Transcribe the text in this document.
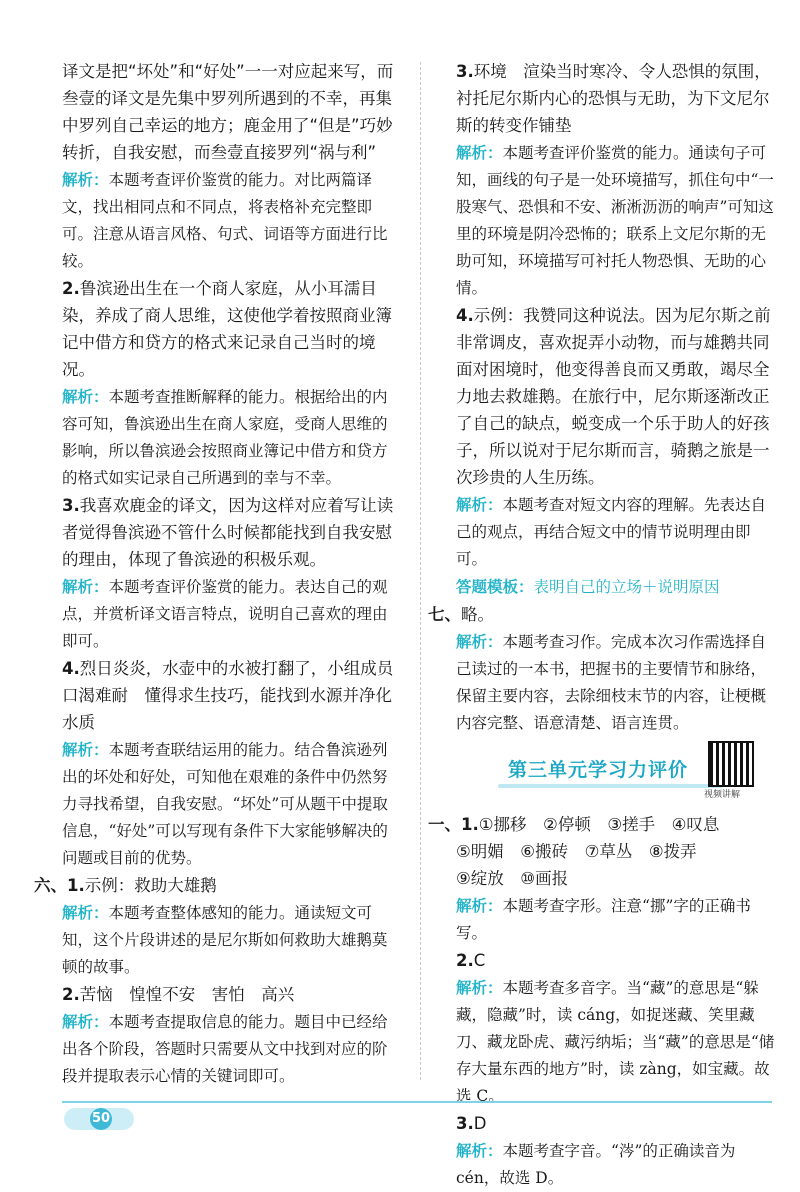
译文是把“坏处”和“好处”一一对应起来写，而叁壹的译文是先集中罗列所遇到的不幸，再集中罗列自己幸运的地方；鹿金用了“但是”巧妙转折，自我安慰，而叁壹直接罗列“祸与利”

解析：本题考查评价鉴赏的能力。对比两篇译文，找出相同点和不同点，将表格补充完整即可。注意从语言风格、句式、词语等方面进行比较。

2.鲁滨逊出生在一个商人家庭，从小耳濡目染，养成了商人思维，这使他学着按照商业簿记中借方和贷方的格式来记录自己当时的境况。

解析：本题考查推断解释的能力。根据给出的内容可知，鲁滨逊出生在商人家庭，受商人思维的影响，所以鲁滨逊会按照商业簿记中借方和贷方的格式如实记录自己所遇到的幸与不幸。

3.我喜欢鹿金的译文，因为这样对应着写让读者觉得鲁滨逊不管什么时候都能找到自我安慰的理由，体现了鲁滨逊的积极乐观。

解析：本题考查评价鉴赏的能力。表达自己的观点，并赏析译文语言特点，说明自己喜欢的理由即可。

4.烈日炎炎，水壶中的水被打翻了，小组成员口渴难耐　懂得求生技巧，能找到水源并净化水质

解析：本题考查联结运用的能力。结合鲁滨逊列出的坏处和好处，可知他在艰难的条件中仍然努力寻找希望，自我安慰。“坏处”可从题干中提取信息，“好处”可以写现有条件下大家能够解决的问题或目前的优势。

六、1.示例：救助大雄鹅

解析：本题考查整体感知的能力。通读短文可知，这个片段讲述的是尼尔斯如何救助大雄鹅莫顿的故事。

2.苦恼　惶惶不安　害怕　高兴

解析：本题考查提取信息的能力。题目中已经给出各个阶段，答题时只需要从文中找到对应的阶段并提取表示心情的关键词即可。

3.环境　渲染当时寒冷、令人恐惧的氛围，衬托尼尔斯内心的恐惧与无助，为下文尼尔斯的转变作铺垫

解析：本题考查评价鉴赏的能力。通读句子可知，画线的句子是一处环境描写，抓住句中“一股寒气、恐惧和不安、淅淅沥沥的响声”可知这里的环境是阴冷恐怖的；联系上文尼尔斯的无助可知，环境描写可衬托人物恐惧、无助的心情。

4.示例：我赞同这种说法。因为尼尔斯之前非常调皮，喜欢捉弄小动物，而与雄鹅共同面对困境时，他变得善良而又勇敢，竭尽全力地去救雄鹅。在旅行中，尼尔斯逐渐改正了自己的缺点，蜕变成一个乐于助人的好孩子，所以说对于尼尔斯而言，骑鹅之旅是一次珍贵的人生历练。

解析：本题考查对短文内容的理解。先表达自己的观点，再结合短文中的情节说明理由即可。

答题模板：表明自己的立场＋说明原因

七、略。

解析：本题考查习作。完成本次习作需选择自己读过的一本书，把握书的主要情节和脉络，保留主要内容，去除细枝末节的内容，让梗概内容完整、语意清楚、语言连贯。

第三单元学习力评价
视频讲解

一、1.①挪移　②停顿　③搓手　④叹息

⑤明媚　⑥搬砖　⑦草丛　⑧拨弄

⑨绽放　⑩画报

解析：本题考查字形。注意“挪”字的正确书写。

2.C

解析：本题考查多音字。当“藏”的意思是“躲藏，隐藏”时，读 cáng，如捉迷藏、笑里藏刀、藏龙卧虎、藏污纳垢；当“藏”的意思是“储存大量东西的地方”时，读 zàng，如宝藏。故选 C。

3.D

解析：本题考查字音。“涔”的正确读音为 cén，故选 D。

50
